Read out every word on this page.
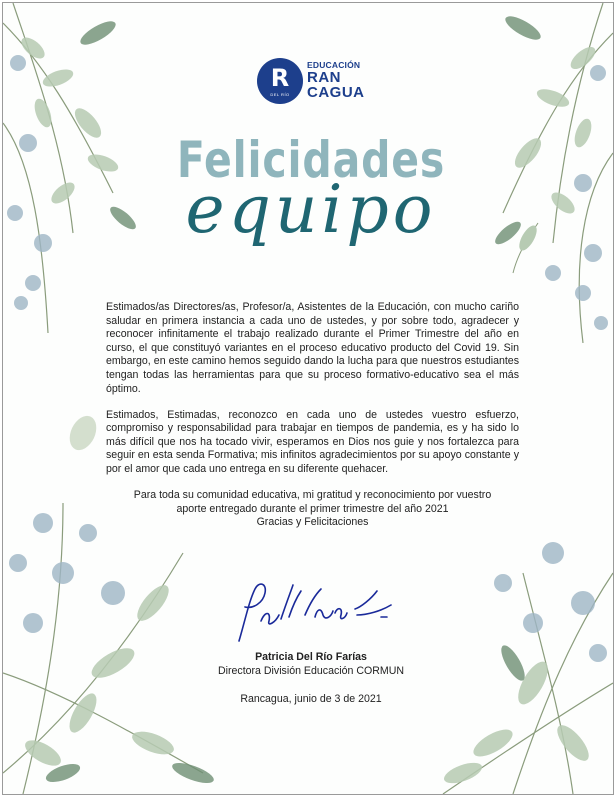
R
DEL RÍO
EDUCACIÓN
RAN
CAGUA
Felicidades
equipo

Estimados/as Directores/as, Profesor/a, Asistentes de la Educación, con mucho cariño saludar en primera instancia a cada uno de ustedes, y por sobre todo, agradecer y reconocer infinitamente el trabajo realizado durante el Primer Trimestre del año en curso, el que constituyó variantes en el proceso educativo producto del Covid 19. Sin embargo, en este camino hemos seguido dando la lucha para que nuestros estudiantes tengan todas las herramientas para que su proceso formativo-educativo sea el más óptimo.

Estimados, Estimadas, reconozco en cada uno de ustedes vuestro esfuerzo, compromiso y responsabilidad para trabajar en tiempos de pandemia, es y ha sido lo más difícil que nos ha tocado vivir, esperamos en Dios nos guie y nos fortalezca para seguir en esta senda Formativa; mis infinitos agradecimientos por su apoyo constante y por el amor que cada uno entrega en su diferente quehacer.

Para toda su comunidad educativa, mi gratitud y reconocimiento por vuestro

aporte entregado durante el primer trimestre del año 2021

Gracias y Felicitaciones

Patricia Del Río Farías
Directora División Educación CORMUN
Rancagua, junio de 3 de 2021
